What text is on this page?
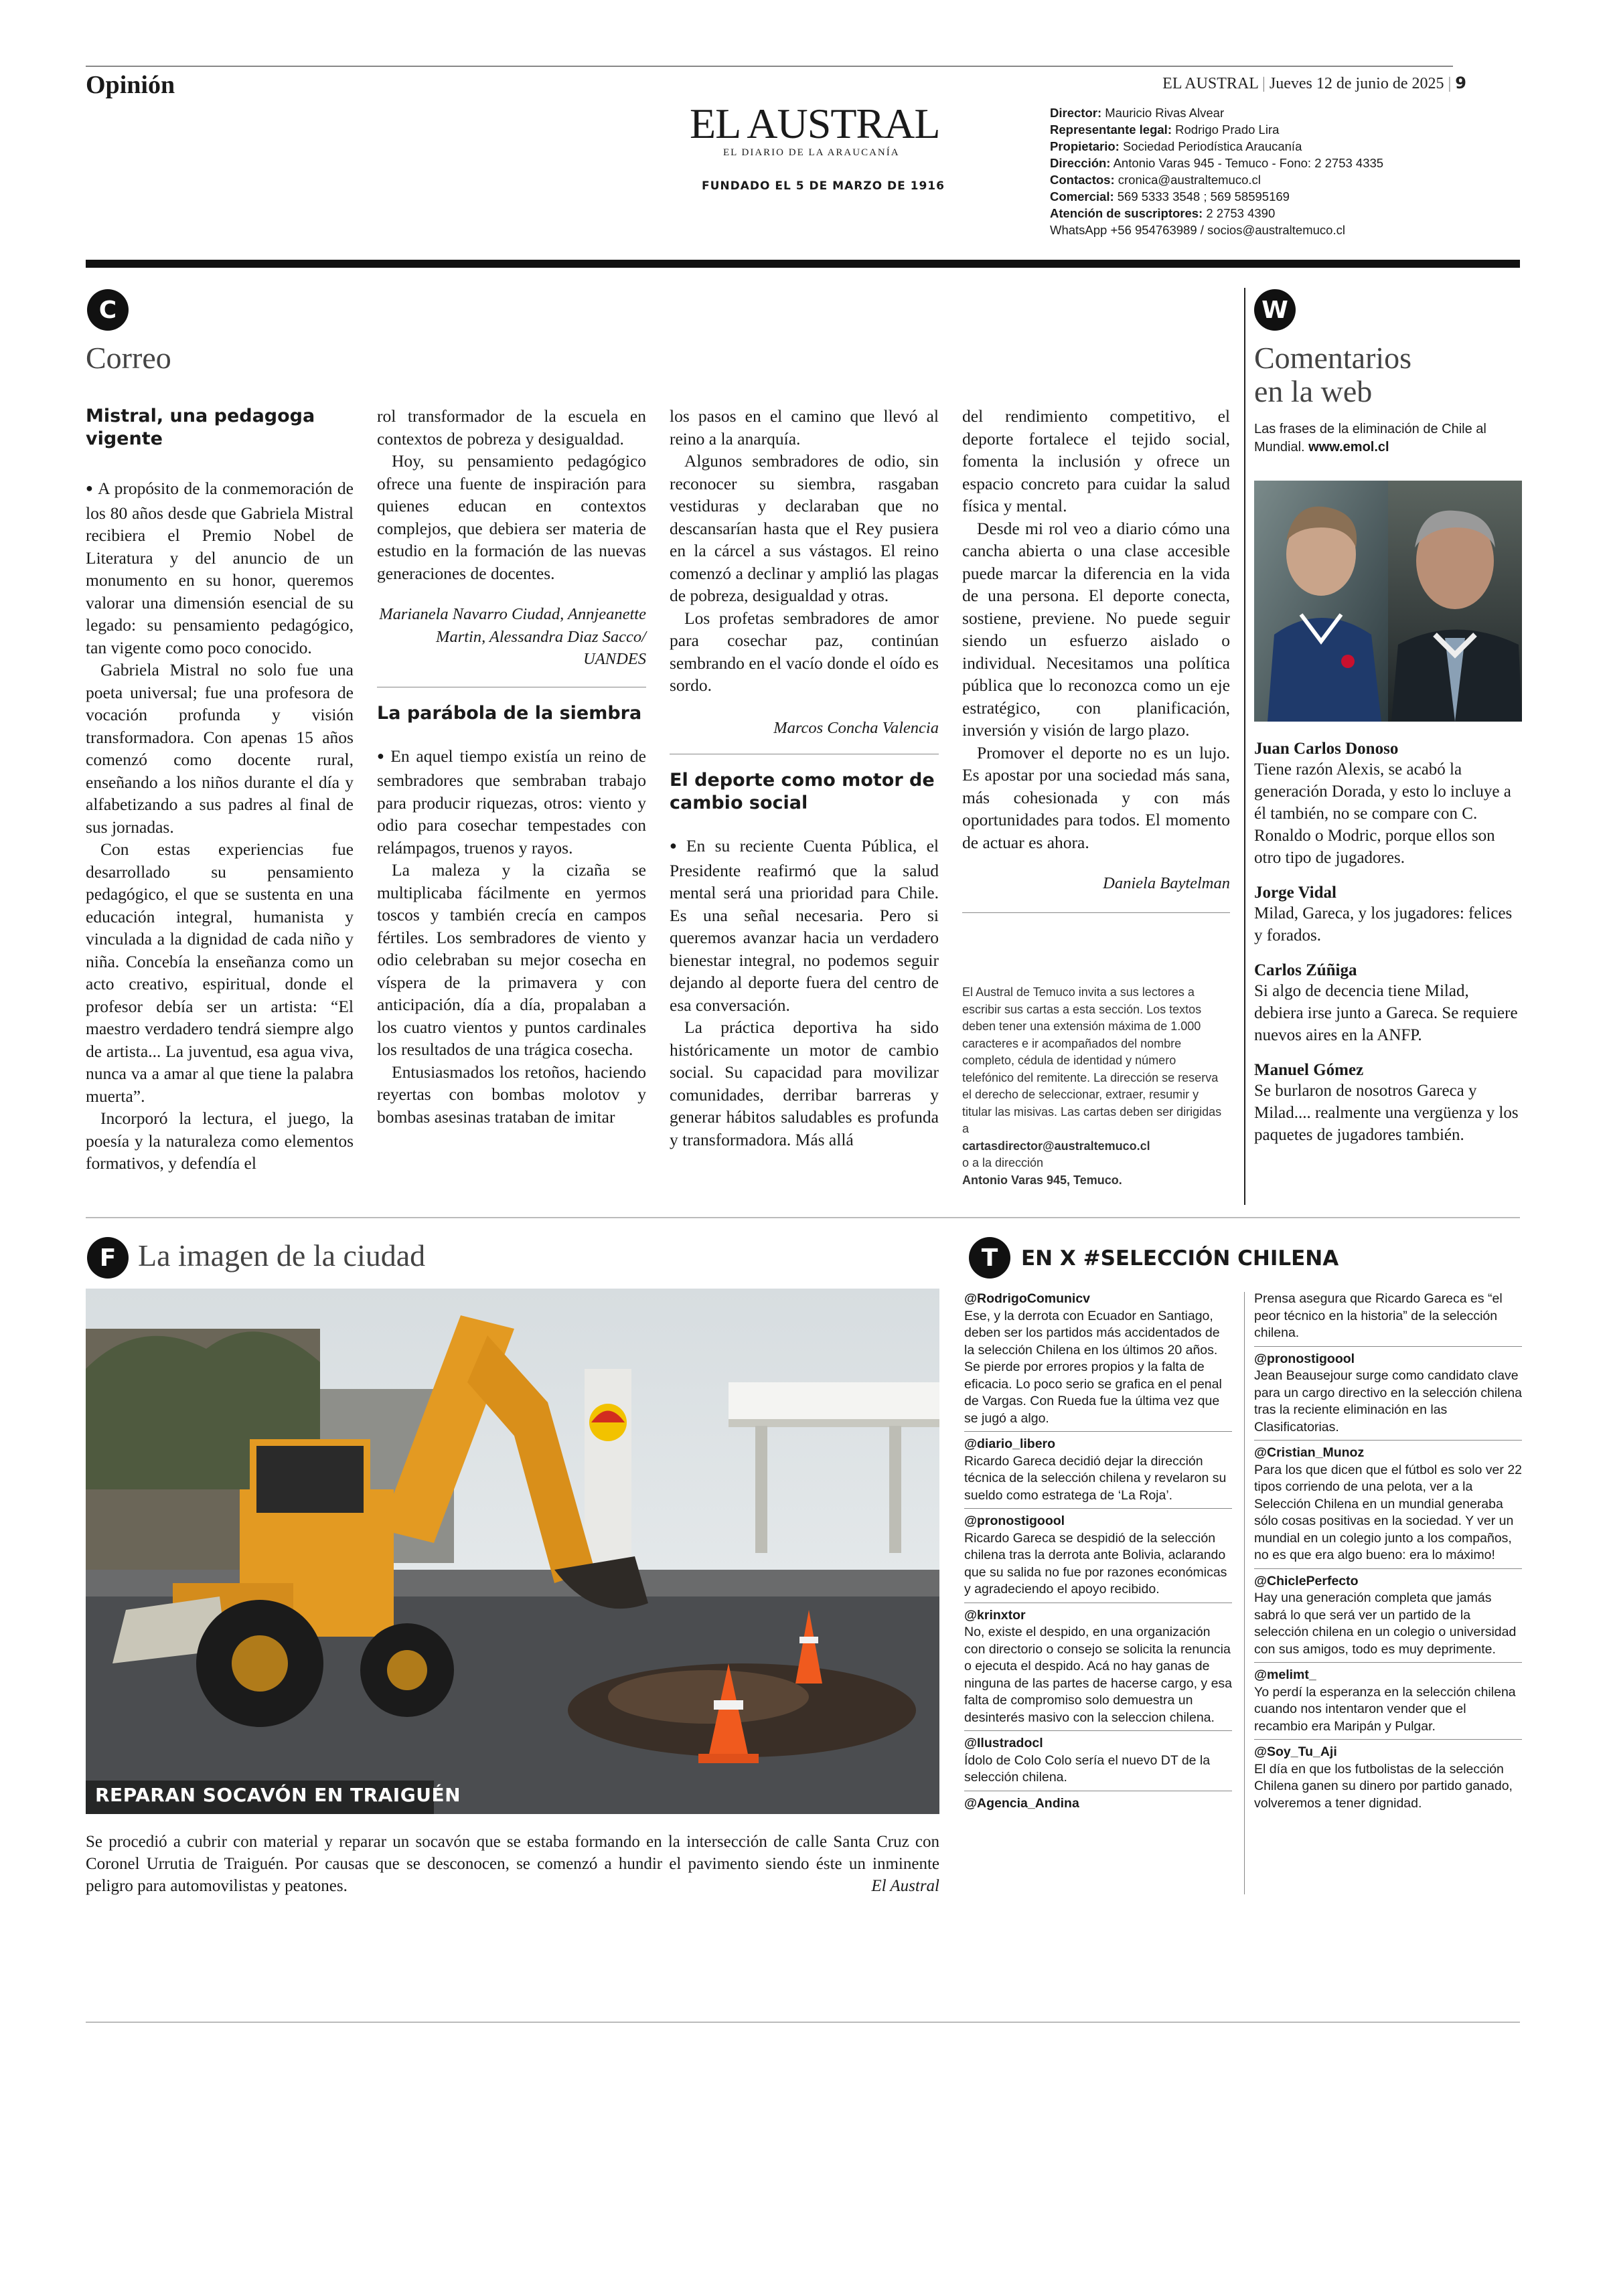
Opinión	EL AUSTRAL | Jueves 12 de junio de 2025 | 9
EL AUSTRAL
EL DIARIO DE LA ARAUCANÍA
FUNDADO EL 5 DE MARZO DE 1916
Director: Mauricio Rivas Alvear
Representante legal: Rodrigo Prado Lira
Propietario: Sociedad Periodística Araucanía
Dirección: Antonio Varas 945 - Temuco - Fono: 2 2753 4335
Contactos: cronica@australtemuco.cl
Comercial: 569 5333 3548 ; 569 58595169
Atención de suscriptores: 2 2753 4390
WhatsApp +56 954763989 / socios@australtemuco.cl
C
Correo
Mistral, una pedagoga vigente

● A propósito de la conmemoración de los 80 años desde que Gabriela Mistral recibiera el Premio Nobel de Literatura y del anuncio de un monumento en su honor, queremos valorar una dimensión esencial de su legado: su pensamiento pedagógico, tan vigente como poco conocido.

Gabriela Mistral no solo fue una poeta universal; fue una profesora de vocación profunda y visión transformadora. Con apenas 15 años comenzó como docente rural, enseñando a los niños durante el día y alfabetizando a sus padres al final de sus jornadas.

Con estas experiencias fue desarrollado su pensamiento pedagógico, el que se sustenta en una educación integral, humanista y vinculada a la dignidad de cada niño y niña. Concebía la enseñanza como un acto creativo, espiritual, donde el profesor debía ser un artista: “El maestro verdadero tendrá siempre algo de artista... La juventud, esa agua viva, nunca va a amar al que tiene la palabra muerta”.

Incorporó la lectura, el juego, la poesía y la naturaleza como elementos formativos, y defendía el

rol transformador de la escuela en contextos de pobreza y desigualdad.

Hoy, su pensamiento pedagógico ofrece una fuente de inspiración para quienes educan en contextos complejos, que debiera ser materia de estudio en la formación de las nuevas generaciones de docentes.

Marianela Navarro Ciudad, Annjeanette Martin, Alessandra Diaz Sacco/ UANDES
La parábola de la siembra

● En aquel tiempo existía un reino de sembradores que sembraban trabajo para producir riquezas, otros: viento y odio para cosechar tempestades con relámpagos, truenos y rayos.

La maleza y la cizaña se multiplicaba fácilmente en yermos toscos y también crecía en campos fértiles. Los sembradores de viento y odio celebraban su mejor cosecha en víspera de la primavera y con anticipación, día a día, propalaban a los cuatro vientos y puntos cardinales los resultados de una trágica cosecha.

Entusiasmados los retoños, haciendo reyertas con bombas molotov y bombas asesinas trataban de imitar

los pasos en el camino que llevó al reino a la anarquía.

Algunos sembradores de odio, sin reconocer su siembra, rasgaban vestiduras y declaraban que no descansarían hasta que el Rey pusiera en la cárcel a sus vástagos. El reino comenzó a declinar y amplió las plagas de pobreza, desigualdad y otras.

Los profetas sembradores de amor para cosechar paz, continúan sembrando en el vacío donde el oído es sordo.

Marcos Concha Valencia
El deporte como motor de cambio social

● En su reciente Cuenta Pública, el Presidente reafirmó que la salud mental será una prioridad para Chile. Es una señal necesaria. Pero si queremos avanzar hacia un verdadero bienestar integral, no podemos seguir dejando al deporte fuera del centro de esa conversación.

La práctica deportiva ha sido históricamente un motor de cambio social. Su capacidad para movilizar comunidades, derribar barreras y generar hábitos saludables es profunda y transformadora. Más allá

del rendimiento competitivo, el deporte fortalece el tejido social, fomenta la inclusión y ofrece un espacio concreto para cuidar la salud física y mental.

Desde mi rol veo a diario cómo una cancha abierta o una clase accesible puede marcar la diferencia en la vida de una persona. El deporte conecta, sostiene, previene. No puede seguir siendo un esfuerzo aislado o individual. Necesitamos una política pública que lo reconozca como un eje estratégico, con planificación, inversión y visión de largo plazo.

Promover el deporte no es un lujo. Es apostar por una sociedad más sana, más cohesionada y con más oportunidades para todos. El momento de actuar es ahora.

Daniela Baytelman
El Austral de Temuco invita a sus lectores a escribir sus cartas a esta sección. Los textos deben tener una extensión máxima de 1.000 caracteres e ir acompañados del nombre completo, cédula de identidad y número telefónico del remitente. La dirección se reserva el derecho de seleccionar, extraer, resumir y titular las misivas. Las cartas deben ser dirigidas a
cartasdirector@australtemuco.cl
o a la dirección
Antonio Varas 945, Temuco.
W
Comentarios
en la web
Las frases de la eliminación de Chile al Mundial. www.emol.cl

Juan Carlos Donoso

Tiene razón Alexis, se acabó la generación Dorada, y esto lo incluye a él también, no se compare con C. Ronaldo o Modric, porque ellos son otro tipo de jugadores.

Jorge Vidal

Milad, Gareca, y los jugadores: felices y forados.

Carlos Zúñiga

Si algo de decencia tiene Milad, debiera irse junto a Gareca. Se requiere nuevos aires en la ANFP.

Manuel Gómez

Se burlaron de nosotros Gareca y Milad.... realmente una vergüenza y los paquetes de jugadores también.

F La imagen de la ciudad
REPARAN SOCAVÓN EN TRAIGUÉN
Se procedió a cubrir con material y reparar un socavón que se estaba formando en la intersección de calle Santa Cruz con Coronel Urrutia de Traiguén. Por causas que se desconocen, se comenzó a hundir el pavimento siendo éste un inminente peligro para automovilistas y peatones.	El Austral
T	EN X #SELECCIÓN CHILENA

@RodrigoComunicv

Ese, y la derrota con Ecuador en Santiago, deben ser los partidos más accidentados de la selección Chilena en los últimos 20 años. Se pierde por errores propios y la falta de eficacia. Lo poco serio se grafica en el penal de Vargas. Con Rueda fue la última vez que se jugó a algo.

@diario_libero

Ricardo Gareca decidió dejar la dirección técnica de la selección chilena y revelaron su sueldo como estratega de ‘La Roja’.

@pronostigoool

Ricardo Gareca se despidió de la selección chilena tras la derrota ante Bolivia, aclarando que su salida no fue por razones económicas y agradeciendo el apoyo recibido.

@krinxtor

No, existe el despido, en una organización con directorio o consejo se solicita la renuncia o ejecuta el despido. Acá no hay ganas de ninguna de las partes de hacerse cargo, y esa falta de compromiso solo demuestra un desinterés masivo con la seleccion chilena.

@Ilustradocl

Ídolo de Colo Colo sería el nuevo DT de la selección chilena.

@Agencia_Andina

Prensa asegura que Ricardo Gareca es “el peor técnico en la historia” de la selección chilena.

@pronostigoool

Jean Beausejour surge como candidato clave para un cargo directivo en la selección chilena tras la reciente eliminación en las Clasificatorias.

@Cristian_Munoz

Para los que dicen que el fútbol es solo ver 22 tipos corriendo de una pelota, ver a la Selección Chilena en un mundial generaba sólo cosas positivas en la sociedad. Y ver un mundial en un colegio junto a los compaños, no es que era algo bueno: era lo máximo!

@ChiclePerfecto

Hay una generación completa que jamás sabrá lo que será ver un partido de la selección chilena en un colegio o universidad con sus amigos, todo es muy deprimente.

@melimt_

Yo perdí la esperanza en la selección chilena cuando nos intentaron vender que el recambio era Maripán y Pulgar.

@Soy_Tu_Aji

El día en que los futbolistas de la selección Chilena ganen su dinero por partido ganado, volveremos a tener dignidad.
